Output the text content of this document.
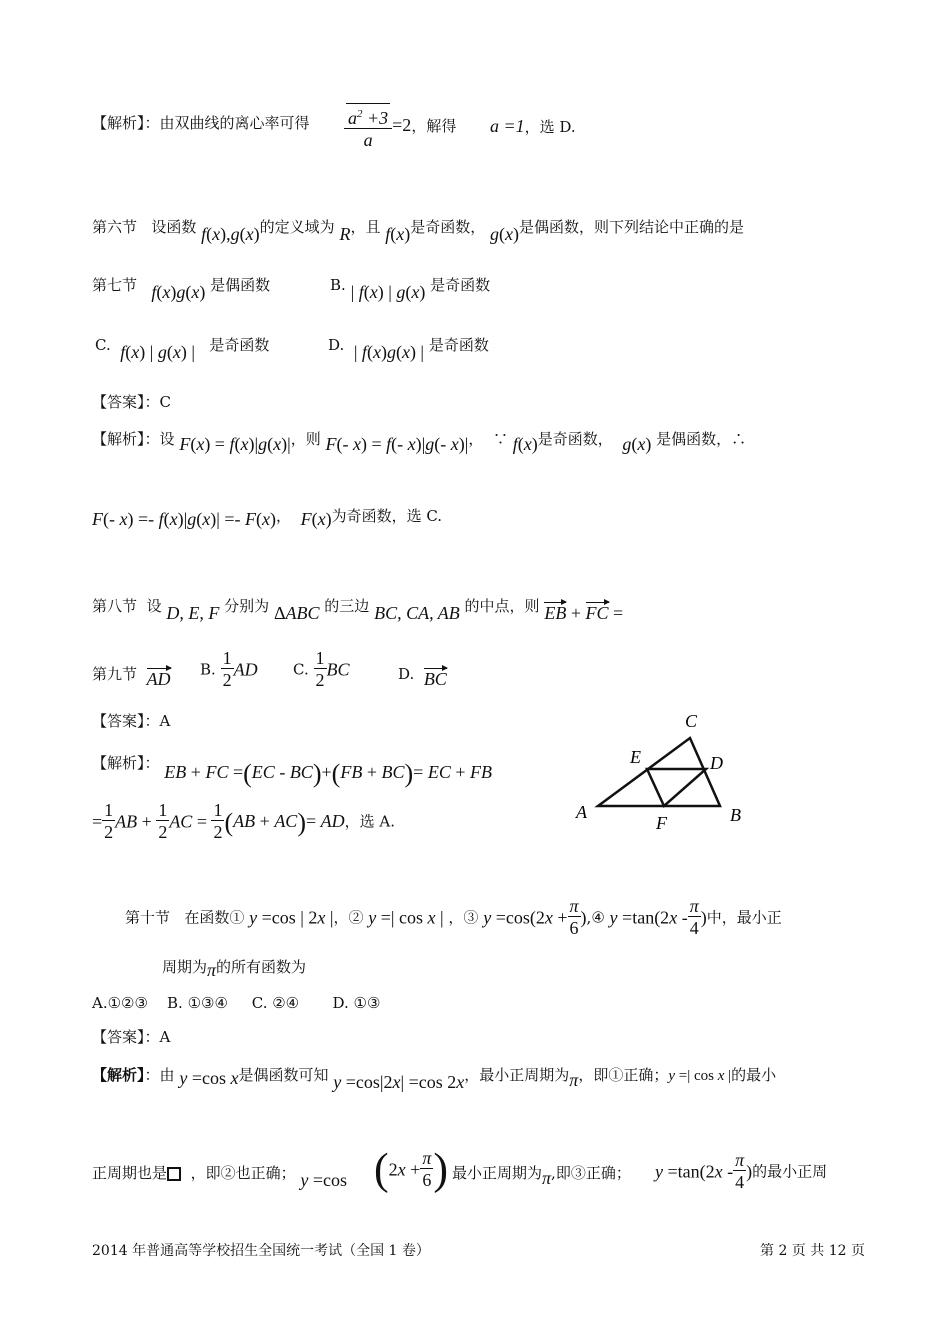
【解析】：由双曲线的离心率可得 $\frac{a^2 +3}{a} =2$，解得 a =1，选 D.
第六节 设函数 f(x),g(x)的定义域为 R，且 f(x)是奇函数， g(x)是偶函数，则下列结论中正确的是
第七节 f(x)g(x) 是偶函数	B. | f(x) | g(x) 是奇函数
C. f(x) | g(x) | 是奇函数	D. | f(x)g(x) | 是奇函数
【答案】：C
【解析】：设 F(x) = f(x)|g(x)|，则 F(- x) = f(- x)|g(- x)|， ∵ f(x)是奇函数， g(x) 是偶函数，∴
F(- x) =- f(x)|g(x)| =- F(x)， F(x)为奇函数，选 C.
第八节 设 D, E, F 分别为 ΔABC 的三边 BC, CA, AB 的中点，则 EB + FC =
第九节 AD B. $\frac{1}{2}$ AD C. $\frac{1}{2}$ BC	D. BC
【答案】：A
【解析】： EB + FC =(EC - BC)+(FB + BC)= EC + FB
= $\frac{1}{2}$ AB + $\frac{1}{2}$ AC = $\frac{1}{2} (AB + AC)=$ AD，选 A.
C
E	D
A
F	B
第十节 在函数① y =cos | 2x |，② y =| cos x | ，③ $y =\cos(2x + \frac{\pi}{6}$ ),④ $y =\tan(2x - \frac{\pi}{4}$ )中，最小正
周期为π的所有函数为
A.①②③    B. ①③④     C. ②④       D. ①③
【答案】：A
【解析】：由 y =cos x是偶函数可知 y =cos|2x| =cos 2x，最小正周期为π，即①正确；y =| cos x |的最小
正周期也是 ，即②也正确； y =cos ($2x + \frac{\pi}{6}$ ) 最小正周期为π,即③正确； $y =\tan(2x - \frac{\pi}{4}$ )的最小正周
2014 年普通高等学校招生全国统一考试（全国 1 卷）	第 2 页 共 12 页
